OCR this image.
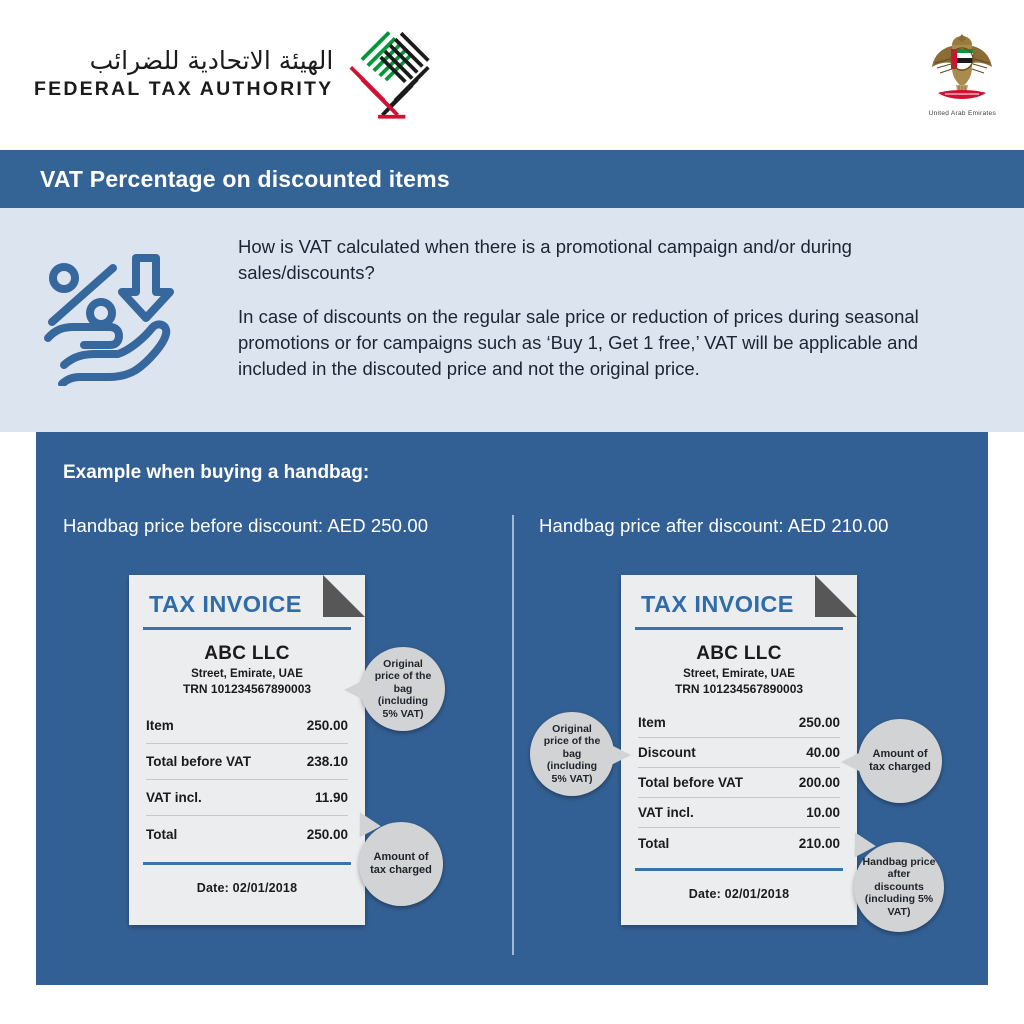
الهيئة الاتحادية للضرائب
FEDERAL TAX AUTHORITY
United Arab Emirates
VAT Percentage on discounted items

How is VAT calculated when there is a promotional campaign and/or during sales/discounts?

In case of discounts on the regular sale price or reduction of prices during seasonal promotions or for campaigns such as ‘Buy 1, Get 1 free,’ VAT will be applicable and included in the discouted price and not the original price.

Example when buying a handbag:
Handbag price before discount: AED 250.00	Handbag price after discount: AED 210.00
TAX INVOICE
ABC LLC
Street, Emirate, UAE
TRN 101234567890003
Item	250.00
Total before VAT	238.10
VAT incl.	11.90
Total	250.00
Date: 02/01/2018
Original price of the bag (including 5% VAT)
Amount of tax charged
TAX INVOICE
ABC LLC
Street, Emirate, UAE
TRN 101234567890003
Item	250.00
Discount	40.00
Total before VAT	200.00
VAT incl.	10.00
Total	210.00
Date: 02/01/2018
Original price of the bag (including 5% VAT)
Amount of tax charged
Handbag price after discounts (including 5% VAT)
